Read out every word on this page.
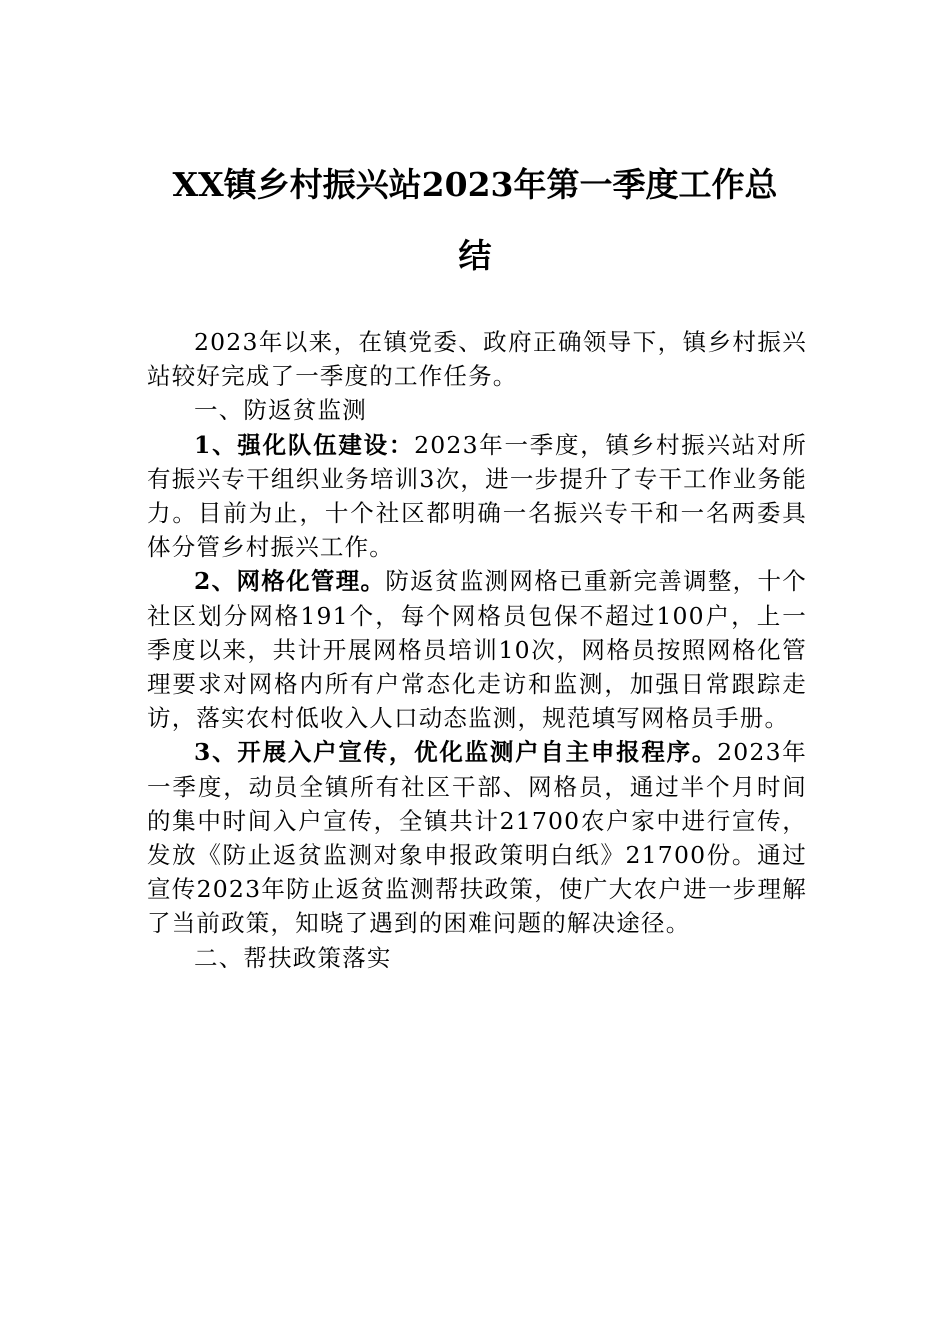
XX镇乡村振兴站2023年第一季度工作总
结

2023年以来，在镇党委、政府正确领导下，镇乡村振兴站较好完成了一季度的工作任务。

一、防返贫监测

1、强化队伍建设：2023年一季度，镇乡村振兴站对所有振兴专干组织业务培训3次，进一步提升了专干工作业务能力。目前为止，十个社区都明确一名振兴专干和一名两委具体分管乡村振兴工作。

2、网格化管理。防返贫监测网格已重新完善调整，十个社区划分网格191个，每个网格员包保不超过100户，上一季度以来，共计开展网格员培训10次，网格员按照网格化管理要求对网格内所有户常态化走访和监测，加强日常跟踪走访，落实农村低收入人口动态监测，规范填写网格员手册。

3、开展入户宣传，优化监测户自主申报程序。2023年一季度，动员全镇所有社区干部、网格员，通过半个月时间的集中时间入户宣传，全镇共计21700农户家中进行宣传，发放《防止返贫监测对象申报政策明白纸》21700份。通过宣传2023年防止返贫监测帮扶政策，使广大农户进一步理解了当前政策，知晓了遇到的困难问题的解决途径。

二、帮扶政策落实
